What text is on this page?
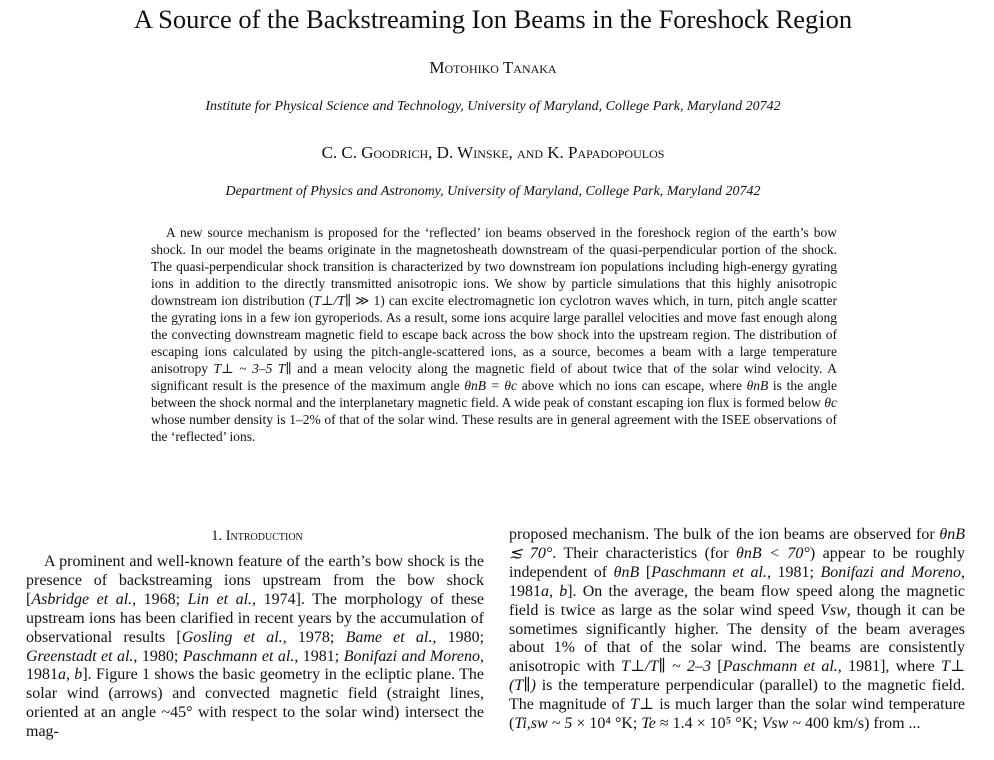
A Source of the Backstreaming Ion Beams in the Foreshock Region
Motohiko Tanaka
Institute for Physical Science and Technology, University of Maryland, College Park, Maryland 20742
C. C. Goodrich, D. Winske, and K. Papadopoulos
Department of Physics and Astronomy, University of Maryland, College Park, Maryland 20742

A new source mechanism is proposed for the ‘reflected’ ion beams observed in the foreshock region of the earth’s bow shock. In our model the beams originate in the magnetosheath downstream of the quasi-perpendicular portion of the shock. The quasi-perpendicular shock transition is characterized by two downstream ion populations including high-energy gyrating ions in addition to the directly transmitted anisotropic ions. We show by particle simulations that this highly anisotropic downstream ion distribution (T⊥/T∥ ≫ 1) can excite electromagnetic ion cyclotron waves which, in turn, pitch angle scatter the gyrating ions in a few ion gyroperiods. As a result, some ions acquire large parallel velocities and move fast enough along the convecting downstream magnetic field to escape back across the bow shock into the upstream region. The distribution of escaping ions calculated by using the pitch-angle-scattered ions, as a source, becomes a beam with a large temperature anisotropy T⊥ ~ 3–5 T∥ and a mean velocity along the magnetic field of about twice that of the solar wind velocity. A significant result is the presence of the maximum angle θnB = θc above which no ions can escape, where θnB is the angle between the shock normal and the interplanetary magnetic field. A wide peak of constant escaping ion flux is formed below θc whose number density is 1–2% of that of the solar wind. These results are in general agreement with the ISEE observations of the ‘reflected’ ions.

1. Introduction

A prominent and well-known feature of the earth’s bow shock is the presence of backstreaming ions upstream from the bow shock [Asbridge et al., 1968; Lin et al., 1974]. The morphology of these upstream ions has been clarified in recent years by the accumulation of observational results [Gosling et al., 1978; Bame et al., 1980; Greenstadt et al., 1980; Paschmann et al., 1981; Bonifazi and Moreno, 1981a, b]. Figure 1 shows the basic geometry in the ecliptic plane. The solar wind (arrows) and convected magnetic field (straight lines, oriented at an angle ~45° with respect to the solar wind) intersect the mag-

proposed mechanism. The bulk of the ion beams are observed for θnB ≲ 70°. Their characteristics (for θnB < 70°) appear to be roughly independent of θnB [Paschmann et al., 1981; Bonifazi and Moreno, 1981a, b]. On the average, the beam flow speed along the magnetic field is twice as large as the solar wind speed Vsw, though it can be sometimes significantly higher. The density of the beam averages about 1% of that of the solar wind. The beams are consistently anisotropic with T⊥/T∥ ~ 2–3 [Paschmann et al., 1981], where T⊥ (T∥) is the temperature perpendicular (parallel) to the magnetic field. The magnitude of T⊥ is much larger than the solar wind temperature (Ti,sw ~ 5 × 10⁴ °K; Te ≈ 1.4 × 10⁵ °K; Vsw ~ 400 km/s) from ...
